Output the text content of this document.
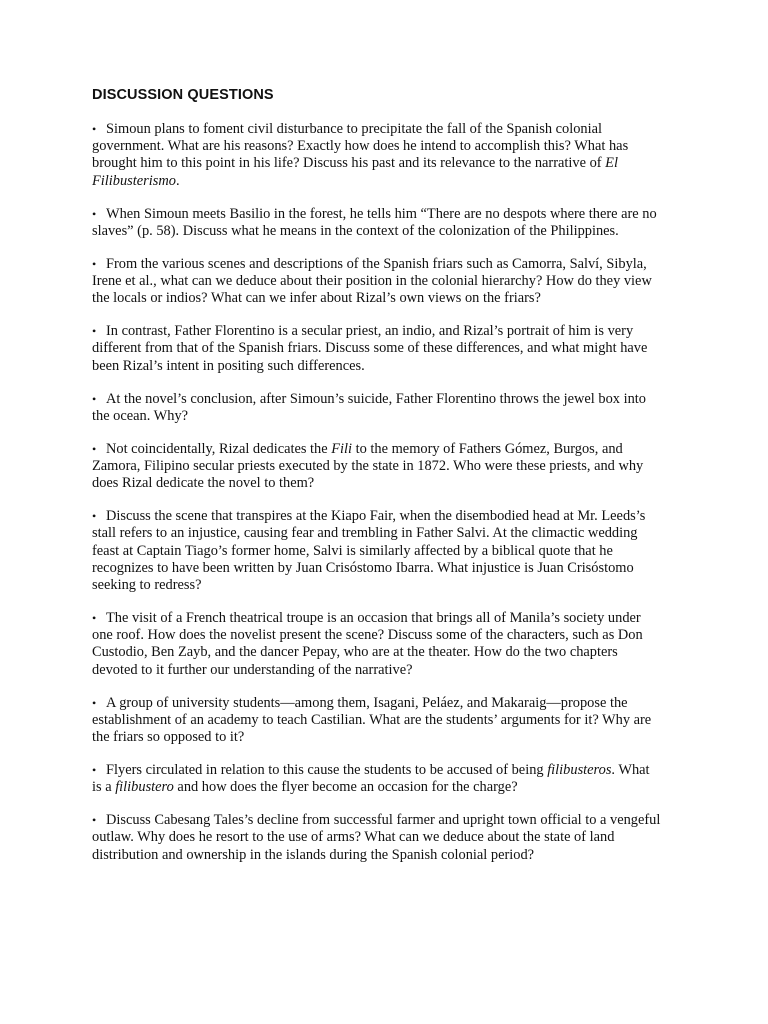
DISCUSSION QUESTIONS
• Simoun plans to foment civil disturbance to precipitate the fall of the Spanish colonial government. What are his reasons? Exactly how does he intend to accomplish this? What has brought him to this point in his life? Discuss his past and its relevance to the narrative of El Filibusterismo.
• When Simoun meets Basilio in the forest, he tells him “There are no despots where there are no slaves” (p. 58). Discuss what he means in the context of the colonization of the Philippines.
• From the various scenes and descriptions of the Spanish friars such as Camorra, Salví, Sibyla, Irene et al., what can we deduce about their position in the colonial hierarchy? How do they view the locals or indios? What can we infer about Rizal’s own views on the friars?
• In contrast, Father Florentino is a secular priest, an indio, and Rizal’s portrait of him is very different from that of the Spanish friars. Discuss some of these differences, and what might have been Rizal’s intent in positing such differences.
• At the novel’s conclusion, after Simoun’s suicide, Father Florentino throws the jewel box into the ocean. Why?
• Not coincidentally, Rizal dedicates the Fili to the memory of Fathers Gómez, Burgos, and Zamora, Filipino secular priests executed by the state in 1872. Who were these priests, and why does Rizal dedicate the novel to them?
• Discuss the scene that transpires at the Kiapo Fair, when the disembodied head at Mr. Leeds’s stall refers to an injustice, causing fear and trembling in Father Salvi. At the climactic wedding feast at Captain Tiago’s former home, Salvi is similarly affected by a biblical quote that he recognizes to have been written by Juan Crisóstomo Ibarra. What injustice is Juan Crisóstomo seeking to redress?
• The visit of a French theatrical troupe is an occasion that brings all of Manila’s society under one roof. How does the novelist present the scene? Discuss some of the characters, such as Don Custodio, Ben Zayb, and the dancer Pepay, who are at the theater. How do the two chapters devoted to it further our understanding of the narrative?
• A group of university students—among them, Isagani, Peláez, and Makaraig—propose the establishment of an academy to teach Castilian. What are the students’ arguments for it? Why are the friars so opposed to it?
• Flyers circulated in relation to this cause the students to be accused of being filibusteros. What is a filibustero and how does the flyer become an occasion for the charge?
• Discuss Cabesang Tales’s decline from successful farmer and upright town official to a vengeful outlaw. Why does he resort to the use of arms? What can we deduce about the state of land distribution and ownership in the islands during the Spanish colonial period?
